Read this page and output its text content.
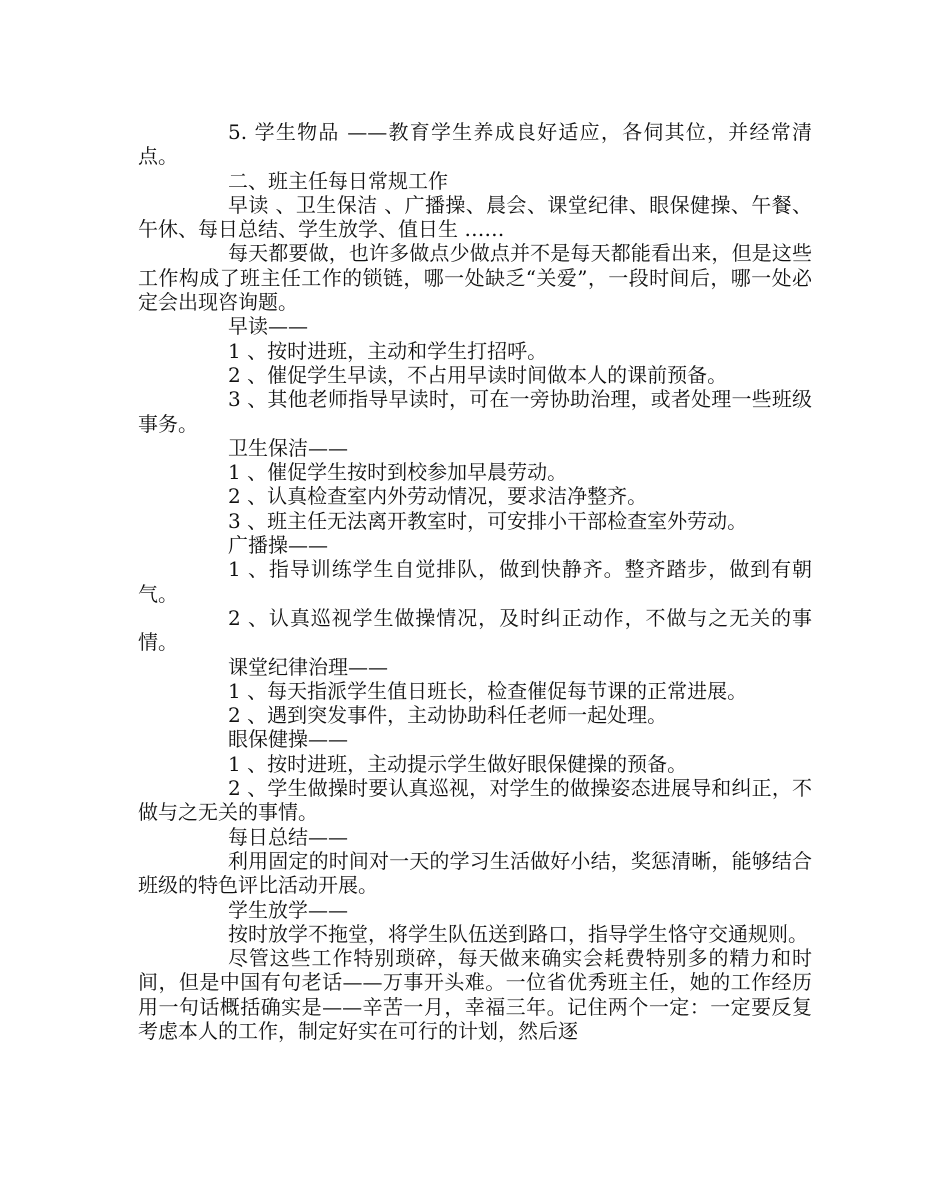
5. 学生物品 ——教育学生养成良好适应，各伺其位，并经常清点。

二、班主任每日常规工作

早读 、卫生保洁 、广播操、晨会、课堂纪律、眼保健操、午餐、午休、每日总结、学生放学、值日生 ……

每天都要做，也许多做点少做点并不是每天都能看出来，但是这些工作构成了班主任工作的锁链，哪一处缺乏“关爱”，一段时间后，哪一处必定会出现咨询题。

早读——

1 、按时进班，主动和学生打招呼。

2 、催促学生早读，不占用早读时间做本人的课前预备。

3 、其他老师指导早读时，可在一旁协助治理，或者处理一些班级事务。

卫生保洁——

1 、催促学生按时到校参加早晨劳动。

2 、认真检查室内外劳动情况，要求洁净整齐。

3 、班主任无法离开教室时，可安排小干部检查室外劳动。

广播操——

1 、指导训练学生自觉排队，做到快静齐。整齐踏步，做到有朝气。

2 、认真巡视学生做操情况，及时纠正动作，不做与之无关的事情。

课堂纪律治理——

1 、每天指派学生值日班长，检查催促每节课的正常进展。

2 、遇到突发事件，主动协助科任老师一起处理。

眼保健操——

1 、按时进班，主动提示学生做好眼保健操的预备。

2 、学生做操时要认真巡视，对学生的做操姿态进展导和纠正，不做与之无关的事情。

每日总结——

利用固定的时间对一天的学习生活做好小结，奖惩清晰，能够结合班级的特色评比活动开展。

学生放学——

按时放学不拖堂，将学生队伍送到路口，指导学生恪守交通规则。

尽管这些工作特别琐碎，每天做来确实会耗费特别多的精力和时间，但是中国有句老话——万事开头难。一位省优秀班主任，她的工作经历用一句话概括确实是——辛苦一月，幸福三年。记住两个一定：一定要反复考虑本人的工作，制定好实在可行的计划，然后逐
